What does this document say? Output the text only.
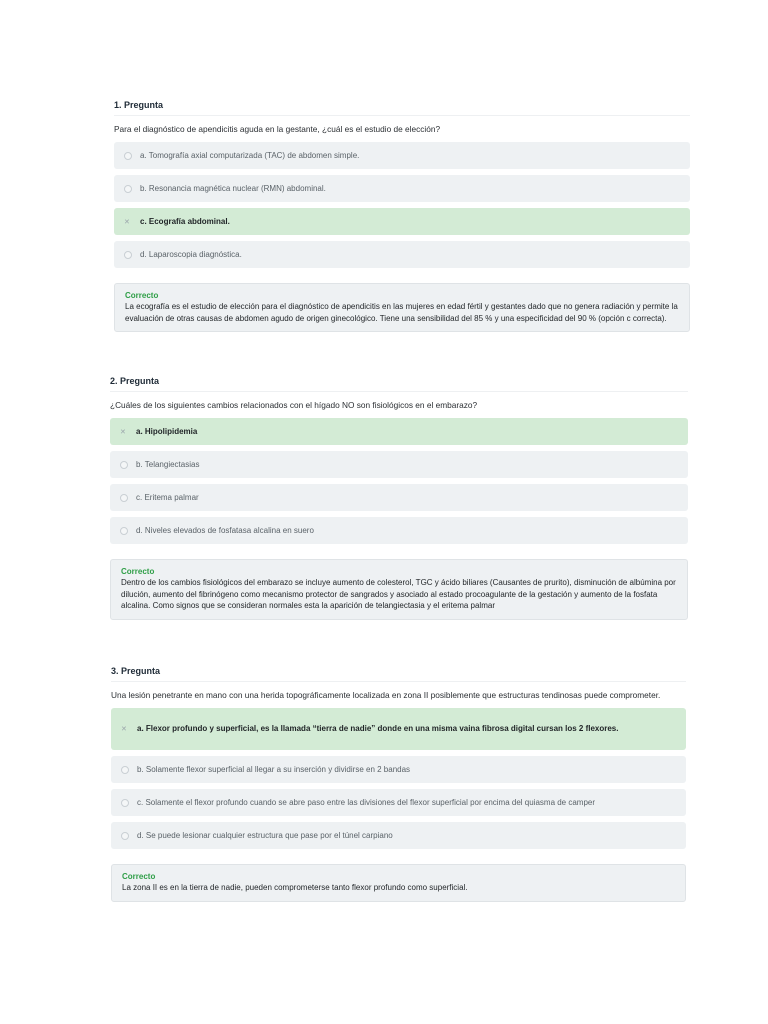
1. Pregunta
Para el diagnóstico de apendicitis aguda en la gestante, ¿cuál es el estudio de elección?
a. Tomografía axial computarizada (TAC) de abdomen simple.
b. Resonancia magnética nuclear (RMN) abdominal.
✕ c. Ecografía abdominal.
d. Laparoscopia diagnóstica.
Correcto
La ecografía es el estudio de elección para el diagnóstico de apendicitis en las mujeres en edad fértil y gestantes dado que no genera radiación y permite la evaluación de otras causas de abdomen agudo de origen ginecológico. Tiene una sensibilidad del 85 % y una especificidad del 90 % (opción c correcta).
2. Pregunta
¿Cuáles de los siguientes cambios relacionados con el hígado NO son fisiológicos en el embarazo?
✕ a. Hipolipidemia
b. Telangiectasias
c. Eritema palmar
d. Niveles elevados de fosfatasa alcalina en suero
Correcto
Dentro de los cambios fisiológicos del embarazo se incluye aumento de colesterol, TGC y ácido biliares (Causantes de prurito), disminución de albúmina por dilución, aumento del fibrinógeno como mecanismo protector de sangrados y asociado al estado procoagulante de la gestación y aumento de la fosfata alcalina. Como signos que se consideran normales esta la aparición de telangiectasia y el eritema palmar
3. Pregunta
Una lesión penetrante en mano con una herida topográficamente localizada en zona II posiblemente que estructuras tendinosas puede comprometer.
✕ a. Flexor profundo y superficial, es la llamada “tierra de nadie” donde en una misma vaina fibrosa digital cursan los 2 flexores.
b. Solamente flexor superficial al llegar a su inserción y dividirse en 2 bandas
c. Solamente el flexor profundo cuando se abre paso entre las divisiones del flexor superficial por encima del quiasma de camper
d. Se puede lesionar cualquier estructura que pase por el túnel carpiano
Correcto
La zona II es en la tierra de nadie, pueden comprometerse tanto flexor profundo como superficial.
